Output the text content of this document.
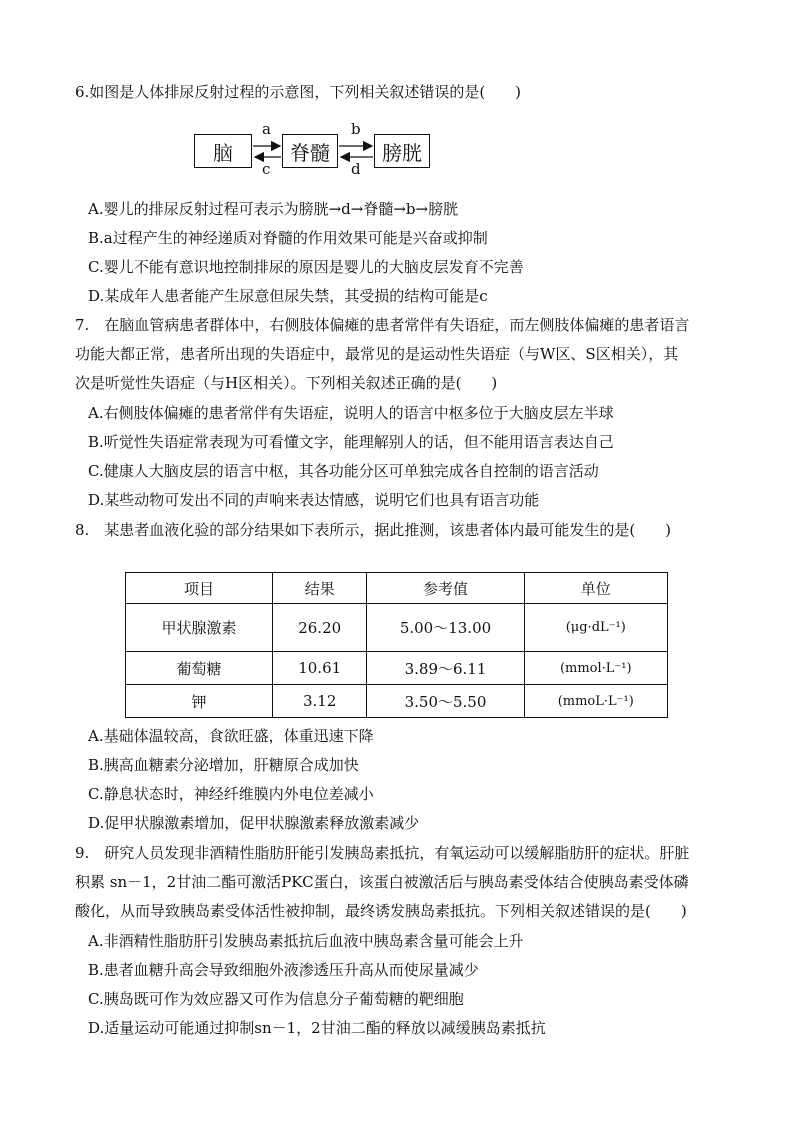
6.如图是人体排尿反射过程的示意图，下列相关叙述错误的是(　　)
脑	脊髓	膀胱
a	b
c	d
A.婴儿的排尿反射过程可表示为膀胱→d→脊髓→b→膀胱
B.a过程产生的神经递质对脊髓的作用效果可能是兴奋或抑制
C.婴儿不能有意识地控制排尿的原因是婴儿的大脑皮层发育不完善
D.某成年人患者能产生尿意但尿失禁，其受损的结构可能是c
7.　在脑血管病患者群体中，右侧肢体偏瘫的患者常伴有失语症，而左侧肢体偏瘫的患者语言
功能大都正常，患者所出现的失语症中，最常见的是运动性失语症（与W区、S区相关），其
次是听觉性失语症（与H区相关）。下列相关叙述正确的是(　　)
A.右侧肢体偏瘫的患者常伴有失语症，说明人的语言中枢多位于大脑皮层左半球
B.听觉性失语症常表现为可看懂文字，能理解别人的话，但不能用语言表达自己
C.健康人大脑皮层的语言中枢，其各功能分区可单独完成各自控制的语言活动
D.某些动物可发出不同的声响来表达情感，说明它们也具有语言功能
8.　某患者血液化验的部分结果如下表所示，据此推测，该患者体内最可能发生的是(　　)
项目	结果	参考值	单位
甲状腺激素	26.20	5.00～13.00	(μg·dL⁻¹)
葡萄糖	10.61	3.89～6.11	(mmol·L⁻¹)
钾	3.12	3.50～5.50	(mmoL·L⁻¹)
A.基础体温较高，食欲旺盛，体重迅速下降
B.胰高血糖素分泌增加，肝糖原合成加快
C.静息状态时，神经纤维膜内外电位差减小
D.促甲状腺激素增加，促甲状腺激素释放激素减少
9.　研究人员发现非酒精性脂肪肝能引发胰岛素抵抗，有氧运动可以缓解脂肪肝的症状。肝脏
积累 sn－1，2甘油二酯可激活PKC蛋白，该蛋白被激活后与胰岛素受体结合使胰岛素受体磷
酸化，从而导致胰岛素受体活性被抑制，最终诱发胰岛素抵抗。下列相关叙述错误的是(　　)
A.非酒精性脂肪肝引发胰岛素抵抗后血液中胰岛素含量可能会上升
B.患者血糖升高会导致细胞外液渗透压升高从而使尿量减少
C.胰岛既可作为效应器又可作为信息分子葡萄糖的靶细胞
D.适量运动可能通过抑制sn－1，2甘油二酯的释放以减缓胰岛素抵抗
